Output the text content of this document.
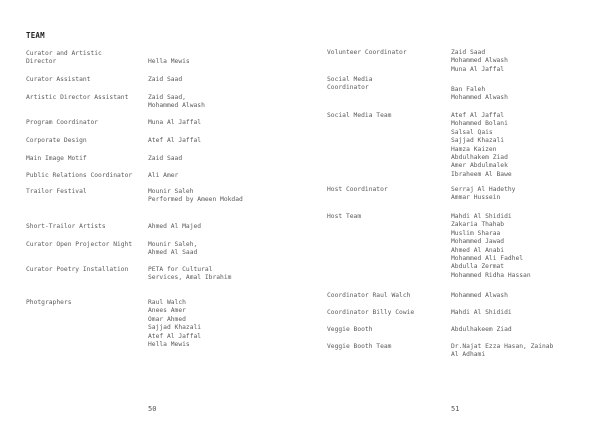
TEAM
Curator and Artistic
Director	Hella Mewis
Curator Assistant	Zaid Saad
Artistic Director Assistant	Zaid Saad,
Mohammed Alwash
Program Coordinator	Muna Al Jaffal
Corporate Design	Atef Al Jaffal
Main Image Motif	Zaid Saad
Public Relations Coordinator	Ali Amer
Trailor Festival	Mounir Saleh
Performed by Ameen Mokdad
Short-Trailor Artists	Ahmed Al Majed
Curator Open Projector Night	Mounir Saleh,
Ahmed Al Saad
Curator Poetry Installation	PETA for Cultural
Services, Amal Ibrahim
Photgraphers	Raul Walch
Anees Amer
Omar Ahmed
Sajjad Khazali
Atef Al Jaffal
Hella Mewis
50
Volunteer Coordinator	Zaid Saad
Mohammed Alwash
Muna Al Jaffal
Social Media
Coordinator	Ban Faleh
Mohammed Alwash
Social Media Team	Atef Al Jaffal
Mohammed Bolani
Salsal Qais
Sajjad Khazali
Hamza Kaizen
Abdulhakem Ziad
Amer Abdulmalek
Ibraheem Al Bawe
Host Coordinator	Serraj Al Hadethy
Ammar Hussein
Host Team	Mahdi Al Shididi
Zakaria Thahab
Muslim Sharaa
Mohammed Jawad
Ahmed Al Anabi
Mohammed Ali Fadhel
Abdulla Zermat
Mohammed Ridha Hassan
Coordinator Raul Walch	Mohammed Alwash
Coordinator Billy Cowie	Mahdi Al Shididi
Veggie Booth	Abdulhakeem Ziad
Veggie Booth Team	Dr.Najat Ezza Hasan, Zainab
Al Adhami
51
